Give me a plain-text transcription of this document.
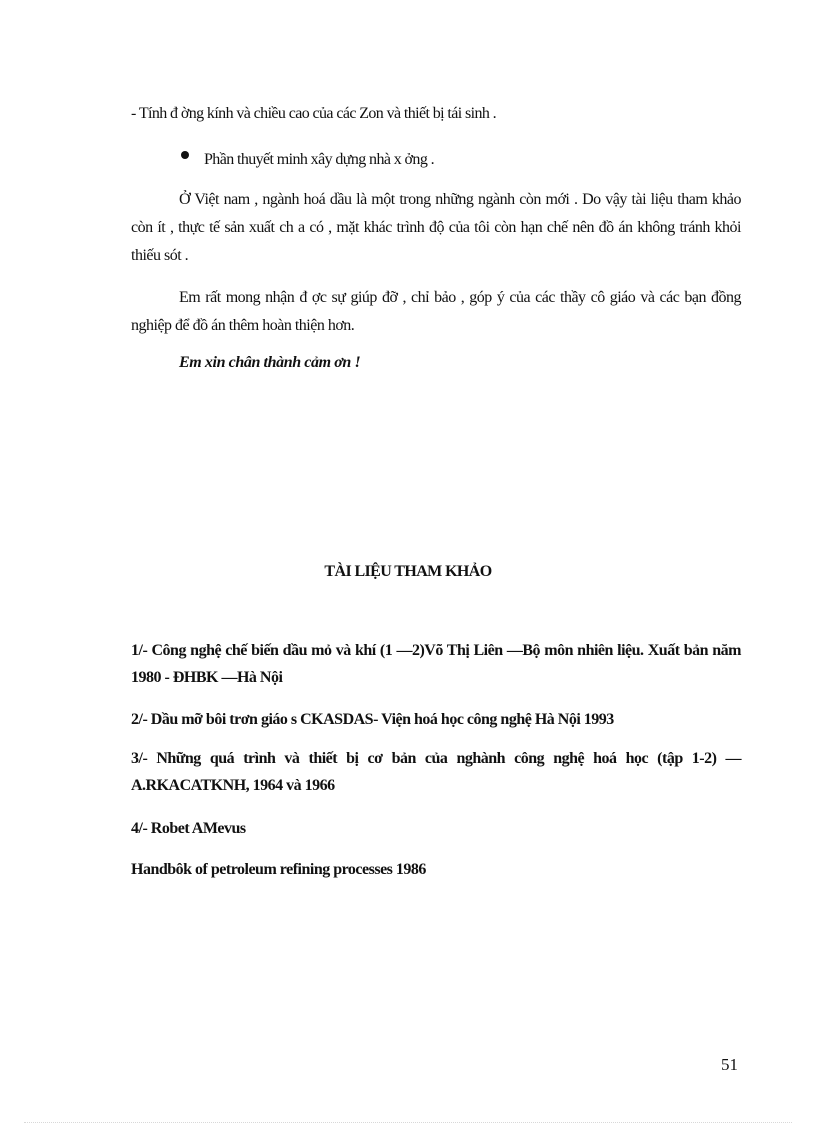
- Tính đ ờng kính và chiều cao của các Zon và thiết bị tái sinh .
Phần thuyết minh xây dựng nhà x ởng .
Ở Việt nam , ngành hoá dầu là một trong những ngành còn mới . Do vậy tài liệu tham khảo còn ít , thực tế sản xuất ch a có , mặt khác trình độ của tôi còn hạn chế nên đồ án không tránh khỏi thiếu sót .
Em rất mong nhận đ ợc sự giúp đỡ , chỉ bảo , góp ý của các thầy cô giáo và các bạn đồng nghiệp để đồ án thêm hoàn thiện hơn.
Em xin chân thành cảm ơn !
TÀI LIỆU THAM KHẢO
1/- Công nghệ chế biến dầu mỏ và khí (1 —2)Võ Thị Liên —Bộ môn nhiên liệu. Xuất bản năm 1980 - ĐHBK —Hà Nội
2/- Dầu mỡ bôi trơn giáo s CKASDAS- Viện hoá học công nghệ Hà Nội 1993
3/- Những quá trình và thiết bị cơ bản của nghành công nghệ hoá học (tập 1-2) —A.RKACATKNH, 1964 và 1966
4/- Robet AMevus
Handbôk of petroleum refining processes 1986
51
